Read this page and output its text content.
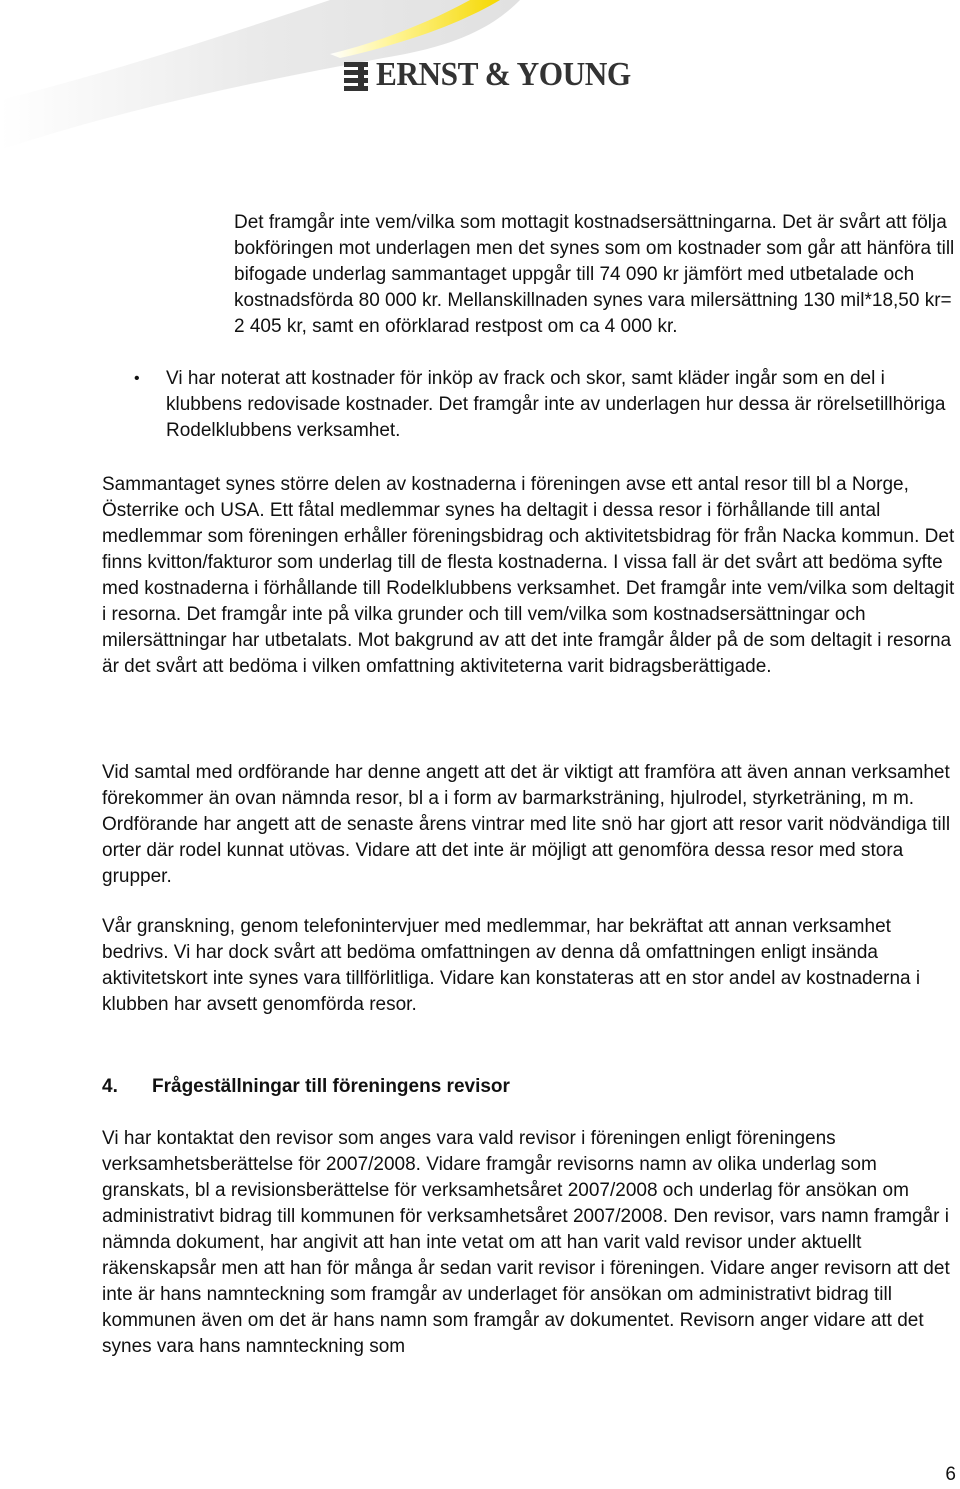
ERNST & YOUNG

Det framgår inte vem/vilka som mottagit kostnadsersättningarna. Det är svårt att följa bokföringen mot underlagen men det synes som om kostnader som går att hänföra till bifogade underlag sammantaget uppgår till 74 090 kr jämfört med utbetalade och kostnadsförda 80 000 kr. Mellanskillnaden synes vara milersättning 130 mil*18,50 kr= 2 405 kr, samt en oförklarad restpost om ca 4 000 kr.

• Vi har noterat att kostnader för inköp av frack och skor, samt kläder ingår som en del i klubbens redovisade kostnader. Det framgår inte av underlagen hur dessa är rörelsetillhöriga Rodelklubbens verksamhet.

Sammantaget synes större delen av kostnaderna i föreningen avse ett antal resor till bl a Norge, Österrike och USA. Ett fåtal medlemmar synes ha deltagit i dessa resor i förhållande till antal medlemmar som föreningen erhåller föreningsbidrag och aktivitetsbidrag för från Nacka kommun. Det finns kvitton/fakturor som underlag till de flesta kostnaderna. I vissa fall är det svårt att bedöma syfte med kostnaderna i förhållande till Rodelklubbens verksamhet. Det framgår inte vem/vilka som deltagit i resorna. Det framgår inte på vilka grunder och till vem/vilka som kostnadsersättningar och milersättningar har utbetalats. Mot bakgrund av att det inte framgår ålder på de som deltagit i resorna är det svårt att bedöma i vilken omfattning aktiviteterna varit bidragsberättigade.

Vid samtal med ordförande har denne angett att det är viktigt att framföra att även annan verksamhet förekommer än ovan nämnda resor, bl a i form av barmarksträning, hjulrodel, styrketräning, m m. Ordförande har angett att de senaste årens vintrar med lite snö har gjort att resor varit nödvändiga till orter där rodel kunnat utövas. Vidare att det inte är möjligt att genomföra dessa resor med stora grupper.

Vår granskning, genom telefonintervjuer med medlemmar, har bekräftat att annan verksamhet bedrivs. Vi har dock svårt att bedöma omfattningen av denna då omfattningen enligt insända aktivitetskort inte synes vara tillförlitliga. Vidare kan konstateras att en stor andel av kostnaderna i klubben har avsett genomförda resor.

4. Frågeställningar till föreningens revisor

Vi har kontaktat den revisor som anges vara vald revisor i föreningen enligt föreningens verksamhetsberättelse för 2007/2008. Vidare framgår revisorns namn av olika underlag som granskats, bl a revisionsberättelse för verksamhetsåret 2007/2008 och underlag för ansökan om administrativt bidrag till kommunen för verksamhetsåret 2007/2008. Den revisor, vars namn framgår i nämnda dokument, har angivit att han inte vetat om att han varit vald revisor under aktuellt räkenskapsår men att han för många år sedan varit revisor i föreningen. Vidare anger revisorn att det inte är hans namnteckning som framgår av underlaget för ansökan om administrativt bidrag till kommunen även om det är hans namn som framgår av dokumentet. Revisorn anger vidare att det synes vara hans namnteckning som

6
